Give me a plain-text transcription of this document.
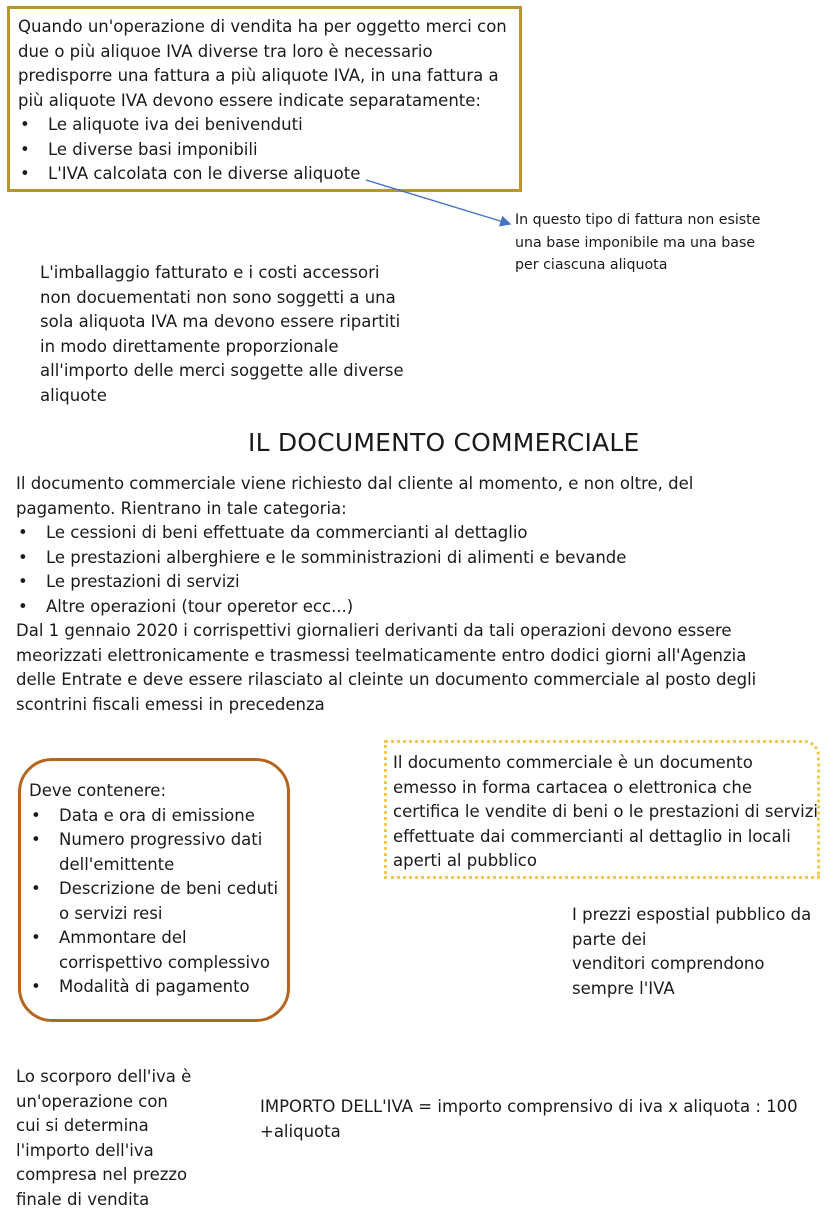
Quando un'operazione di vendita ha per oggetto merci con
due o più aliquoe IVA diverse tra loro è necessario
predisporre una fattura a più aliquote IVA, in una fattura a
più aliquote IVA devono essere indicate separatamente:
• Le aliquote iva dei benivenduti
• Le diverse basi imponibili
• L'IVA calcolata con le diverse aliquote
In questo tipo di fattura non esiste
una base imponibile ma una base
per ciascuna aliquota
L'imballaggio fatturato e i costi accessori
non docuementati non sono soggetti a una
sola aliquota IVA ma devono essere ripartiti
in modo direttamente proporzionale
all'importo delle merci soggette alle diverse
aliquote
IL DOCUMENTO COMMERCIALE
Il documento commerciale viene richiesto dal cliente al momento, e non oltre, del
pagamento. Rientrano in tale categoria:
• Le cessioni di beni effettuate da commercianti al dettaglio
• Le prestazioni alberghiere e le somministrazioni di alimenti e bevande
• Le prestazioni di servizi
• Altre operazioni (tour operetor ecc...)
Dal 1 gennaio 2020 i corrispettivi giornalieri derivanti da tali operazioni devono essere
meorizzati elettronicamente e trasmessi teelmaticamente entro dodici giorni all'Agenzia
delle Entrate e deve essere rilasciato al cleinte un documento commerciale al posto degli
scontrini fiscali emessi in precedenza
Deve contenere:
• Data e ora di emissione
• Numero progressivo dati
dell'emittente
• Descrizione de beni ceduti
o servizi resi
• Ammontare del
corrispettivo complessivo
• Modalità di pagamento
Il documento commerciale è un documento
emesso in forma cartacea o elettronica che
certifica le vendite di beni o le prestazioni di servizi
effettuate dai commercianti al dettaglio in locali
aperti al pubblico
I prezzi espostial pubblico da
parte dei
venditori comprendono
sempre l'IVA
Lo scorporo dell'iva è
un'operazione con
cui si determina
l'importo dell'iva
compresa nel prezzo
finale di vendita
IMPORTO DELL'IVA = importo comprensivo di iva x aliquota : 100
+aliquota
